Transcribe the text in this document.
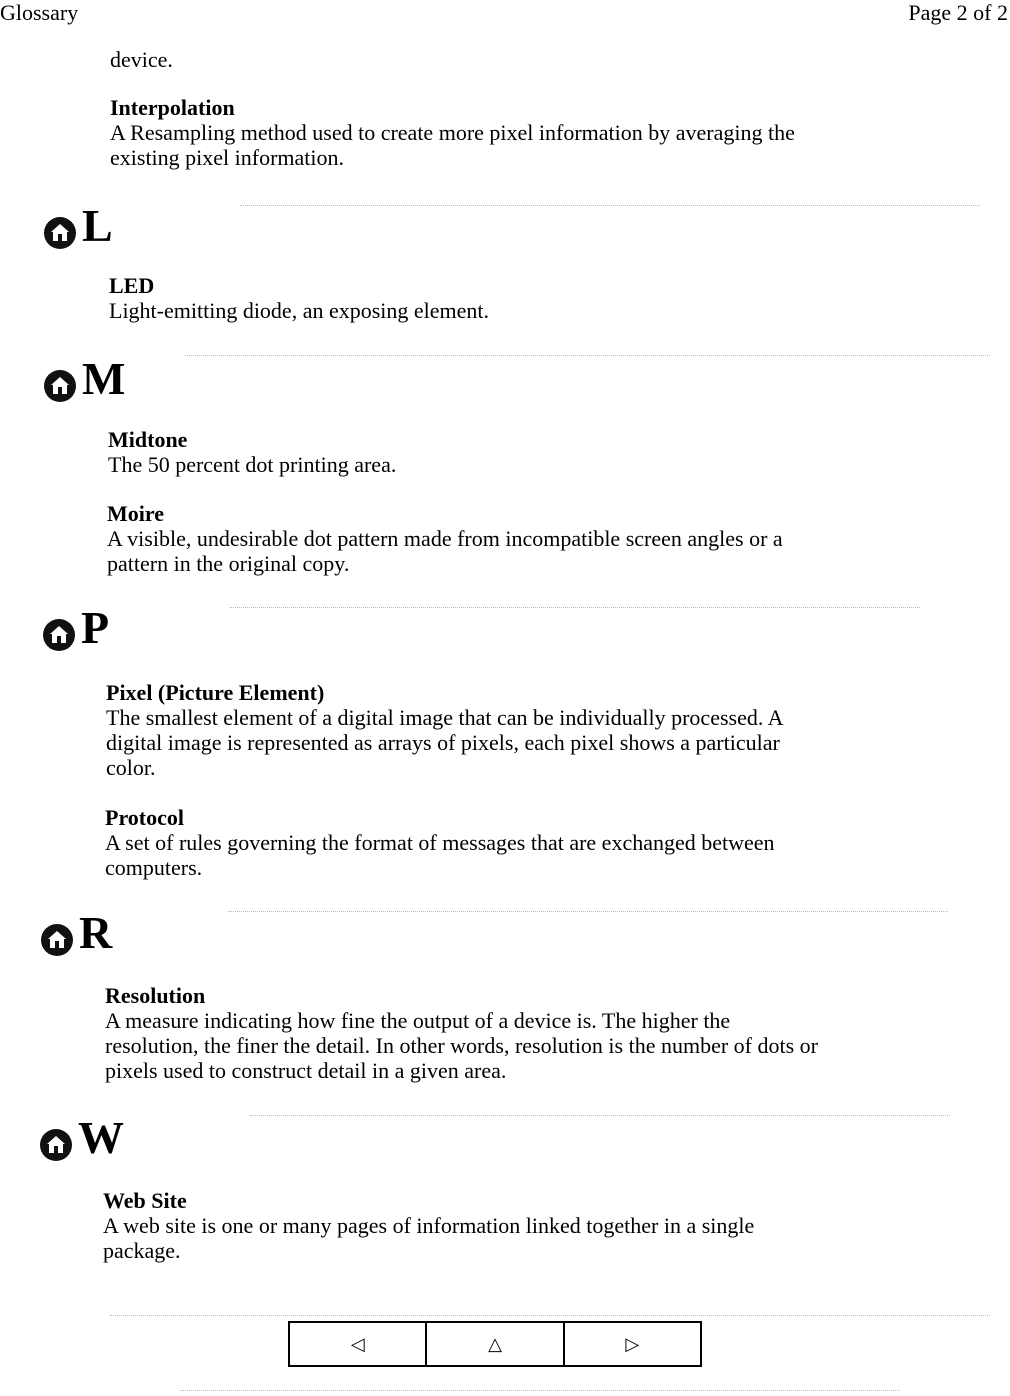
Glossary	Page 2 of 2
device.
Interpolation
A Resampling method used to create more pixel information by averaging the
existing pixel information.
L
LED
Light-emitting diode, an exposing element.
M
Midtone
The 50 percent dot printing area.
Moire
A visible, undesirable dot pattern made from incompatible screen angles or a
pattern in the original copy.
P
Pixel (Picture Element)
The smallest element of a digital image that can be individually processed. A
digital image is represented as arrays of pixels, each pixel shows a particular
color.
Protocol
A set of rules governing the format of messages that are exchanged between
computers.
R
Resolution
A measure indicating how fine the output of a device is. The higher the
resolution, the finer the detail. In other words, resolution is the number of dots or
pixels used to construct detail in a given area.
W
Web Site
A web site is one or many pages of information linked together in a single
package.
◁	△	▷
